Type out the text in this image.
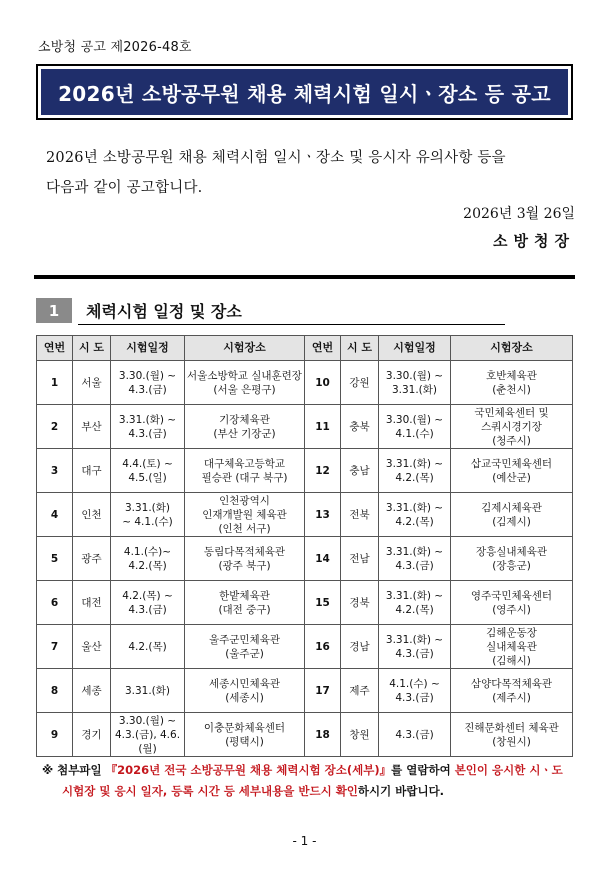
소방청 공고 제2026-48호
2026년 소방공무원 채용 체력시험 일시ㆍ장소 등 공고
2026년 소방공무원 채용 체력시험 일시ㆍ장소 및 응시자 유의사항 등을
다음과 같이 공고합니다.
2026년 3월 26일
소방청장
1	체력시험 일정 및 장소
연번	시 도	시험일정	시험장소	연번	시 도	시험일정	시험장소
1	서울	3.30.(월) ~
4.3.(금)	서울소방학교 실내훈련장
(서울 은평구)	10	강원	3.30.(월) ~
3.31.(화)	호반체육관
(춘천시)
2	부산	3.31.(화) ~
4.3.(금)	기장체육관
(부산 기장군)	11	충북	3.30.(월) ~
4.1.(수)	국민체육센터 및
스쿼시경기장
(청주시)
3	대구	4.4.(토) ~
4.5.(일)	대구체육고등학교
필승관 (대구 북구)	12	충남	3.31.(화) ~
4.2.(목)	삽교국민체육센터
(예산군)
4	인천	3.31.(화)
~ 4.1.(수)	인천광역시
인재개발원 체육관
(인천 서구)	13	전북	3.31.(화) ~
4.2.(목)	김제시체육관
(김제시)
5	광주	4.1.(수)~
4.2.(목)	동림다목적체육관
(광주 북구)	14	전남	3.31.(화) ~
4.3.(금)	장흥실내체육관
(장흥군)
6	대전	4.2.(목) ~
4.3.(금)	한밭체육관
(대전 중구)	15	경북	3.31.(화) ~
4.2.(목)	영주국민체육센터
(영주시)
7	울산	4.2.(목)	울주군민체육관
(울주군)	16	경남	3.31.(화) ~
4.3.(금)	김해운동장
실내체육관
(김해시)
8	세종	3.31.(화)	세종시민체육관
(세종시)	17	제주	4.1.(수) ~
4.3.(금)	삼양다목적체육관
(제주시)
9	경기	3.30.(월) ~
4.3.(금), 4.6.(월)	이충문화체육센터
(평택시)	18	창원	4.3.(금)	진해문화센터 체육관
(창원시)
※ 첨부파일 『2026년 전국 소방공무원 채용 체력시험 장소(세부)』를 열람하여 본인이 응시한 시ㆍ도
시험장 및 응시 일자, 등록 시간 등 세부내용을 반드시 확인하시기 바랍니다.
- 1 -
